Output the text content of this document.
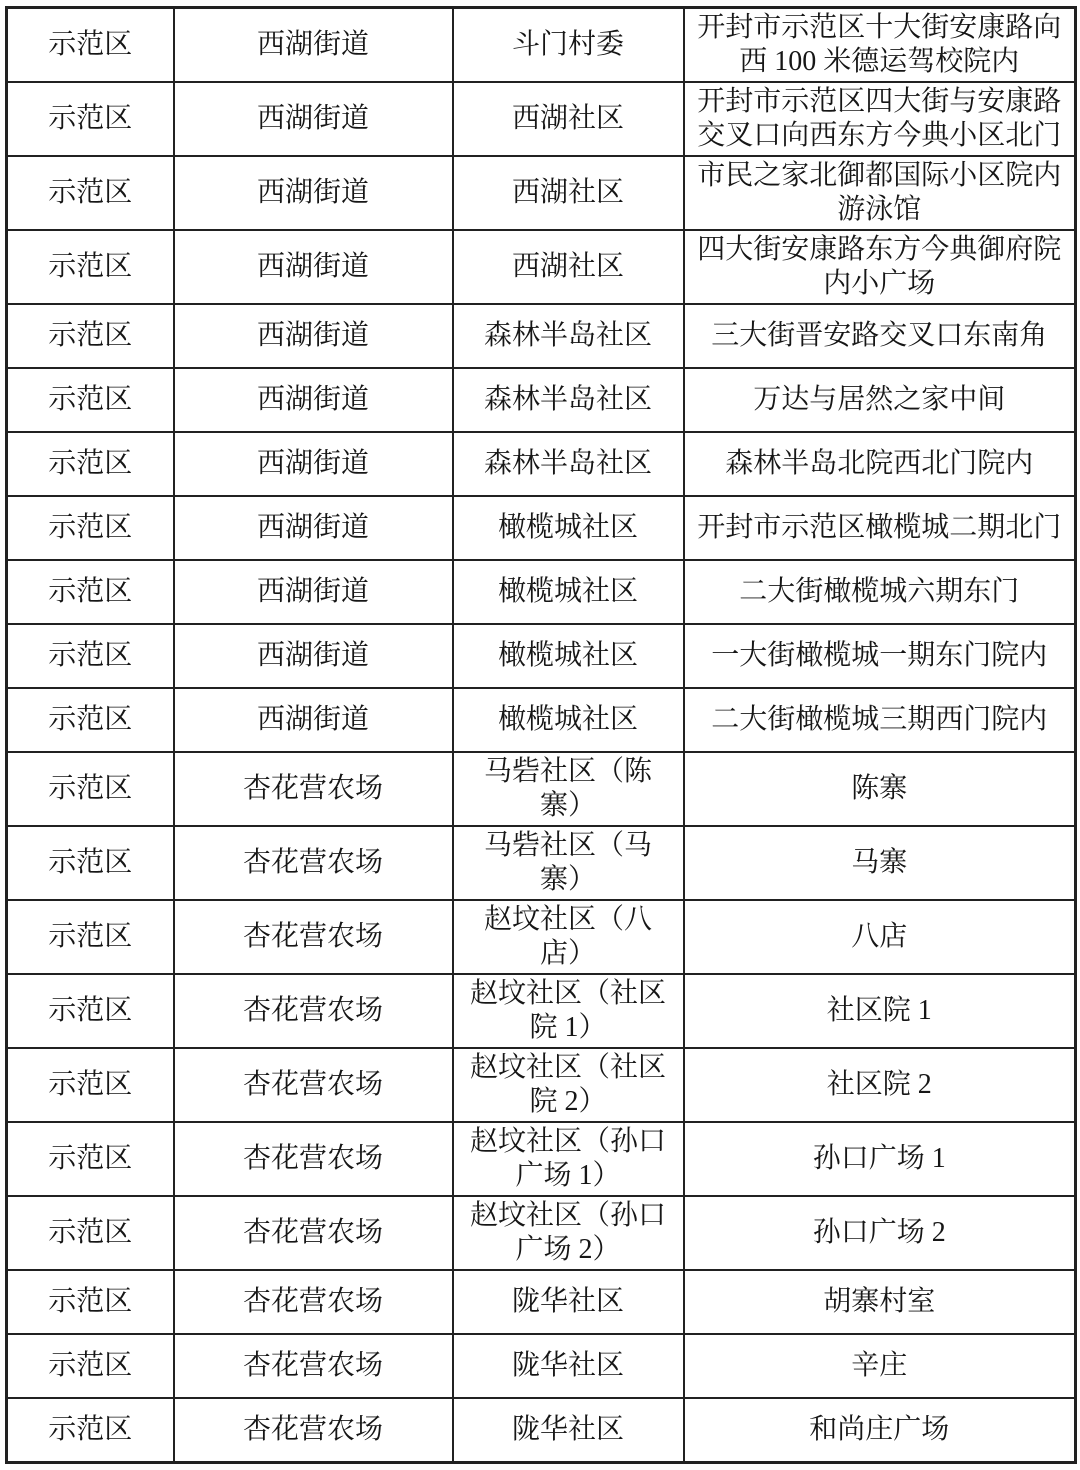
示范区	西湖街道	斗门村委	开封市示范区十大街安康路向西 100 米德运驾校院内
示范区	西湖街道	西湖社区	开封市示范区四大街与安康路交叉口向西东方今典小区北门
示范区	西湖街道	西湖社区	市民之家北御都国际小区院内游泳馆
示范区	西湖街道	西湖社区	四大街安康路东方今典御府院内小广场
示范区	西湖街道	森林半岛社区	三大街晋安路交叉口东南角
示范区	西湖街道	森林半岛社区	万达与居然之家中间
示范区	西湖街道	森林半岛社区	森林半岛北院西北门院内
示范区	西湖街道	橄榄城社区	开封市示范区橄榄城二期北门
示范区	西湖街道	橄榄城社区	二大街橄榄城六期东门
示范区	西湖街道	橄榄城社区	一大街橄榄城一期东门院内
示范区	西湖街道	橄榄城社区	二大街橄榄城三期西门院内
示范区	杏花营农场	马砦社区（陈寨）	陈寨
示范区	杏花营农场	马砦社区（马寨）	马寨
示范区	杏花营农场	赵坟社区（八店）	八店
示范区	杏花营农场	赵坟社区（社区院 1）	社区院 1
示范区	杏花营农场	赵坟社区（社区院 2）	社区院 2
示范区	杏花营农场	赵坟社区（孙口广场 1）	孙口广场 1
示范区	杏花营农场	赵坟社区（孙口广场 2）	孙口广场 2
示范区	杏花营农场	陇华社区	胡寨村室
示范区	杏花营农场	陇华社区	辛庄
示范区	杏花营农场	陇华社区	和尚庄广场
